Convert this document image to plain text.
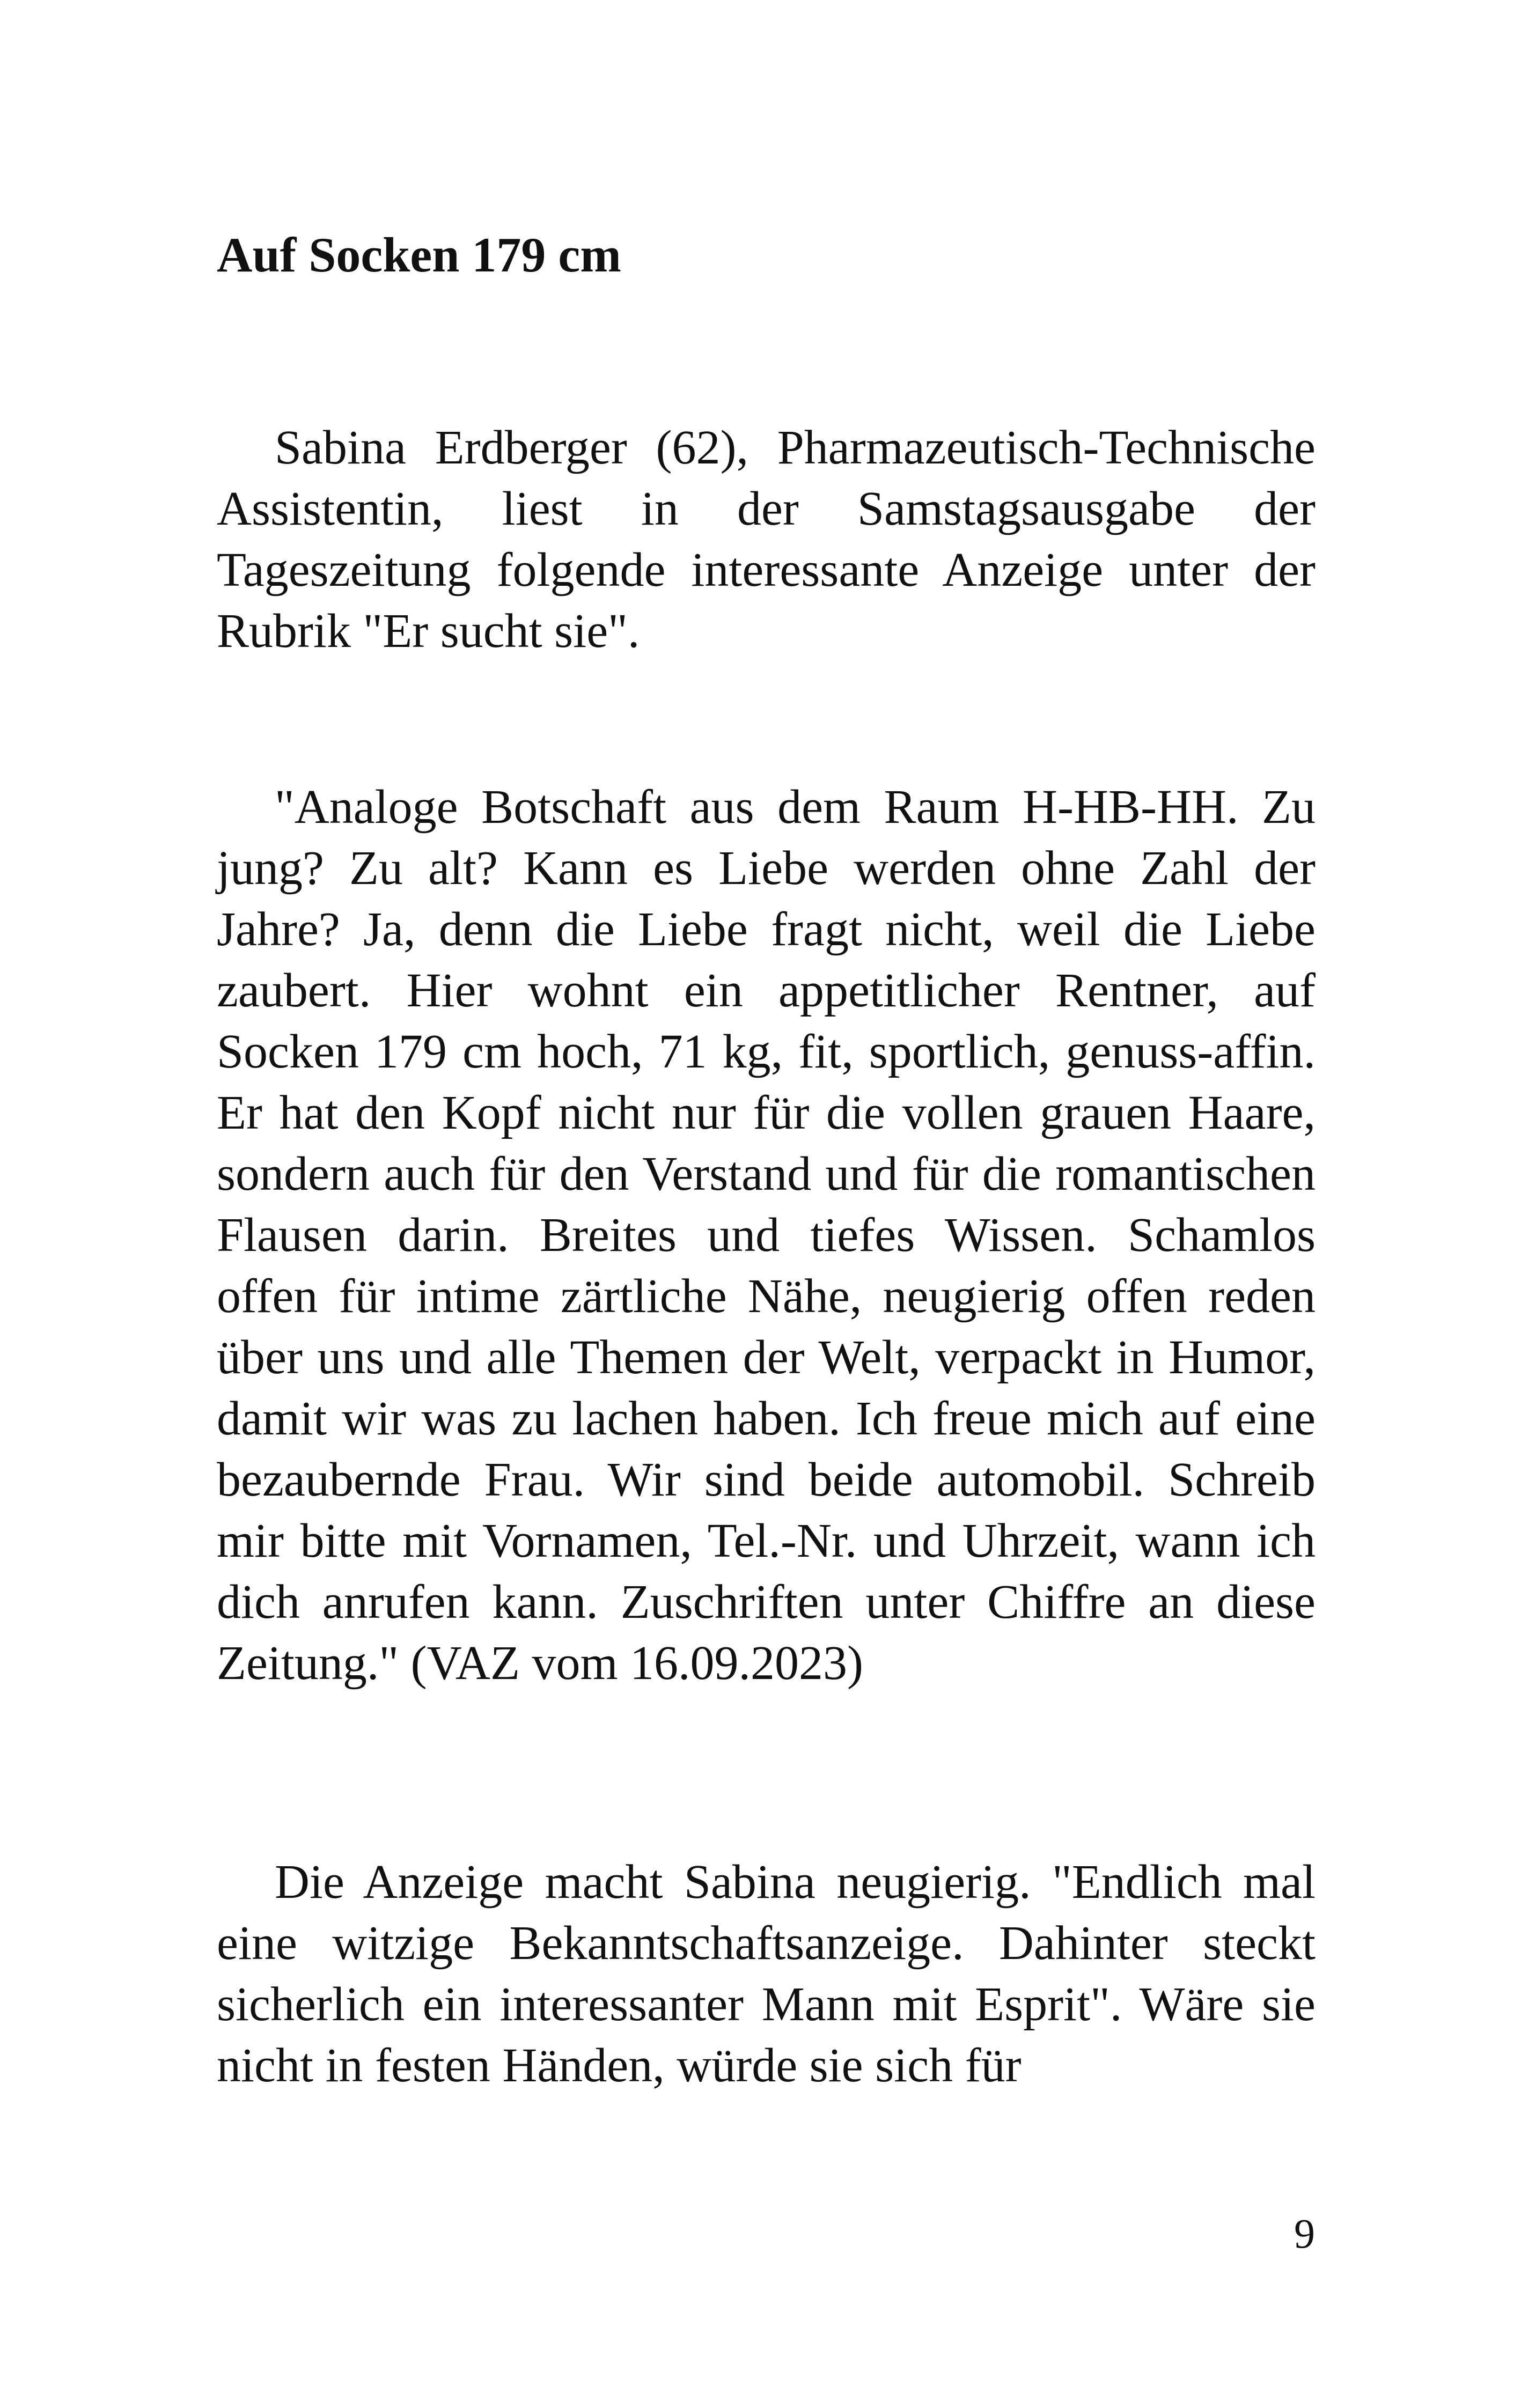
Auf Socken 179 cm

Sabina Erdberger (62), Pharmazeutisch-Technische Assistentin, liest in der Samstagsausgabe der Tageszeitung folgende interessante Anzeige unter der Rubrik "Er sucht sie".

"Analoge Botschaft aus dem Raum H-HB-HH. Zu jung? Zu alt? Kann es Liebe werden ohne Zahl der Jahre? Ja, denn die Liebe fragt nicht, weil die Liebe zaubert. Hier wohnt ein appetitlicher Rentner, auf Socken 179 cm hoch, 71 kg, fit, sportlich, genuss-affin. Er hat den Kopf nicht nur für die vollen grauen Haare, sondern auch für den Verstand und für die romantischen Flausen darin. Breites und tiefes Wissen. Schamlos offen für intime zärtliche Nähe, neugierig offen reden über uns und alle Themen der Welt, verpackt in Humor, damit wir was zu lachen haben. Ich freue mich auf eine bezaubernde Frau. Wir sind beide automobil. Schreib mir bitte mit Vornamen, Tel.-Nr. und Uhrzeit, wann ich dich anrufen kann. Zuschriften unter Chiffre an diese Zeitung." (VAZ vom 16.09.2023)

Die Anzeige macht Sabina neugierig. "Endlich mal eine witzige Bekanntschaftsanzeige. Dahinter steckt sicherlich ein interessanter Mann mit Esprit". Wäre sie nicht in festen Händen, würde sie sich für

9
